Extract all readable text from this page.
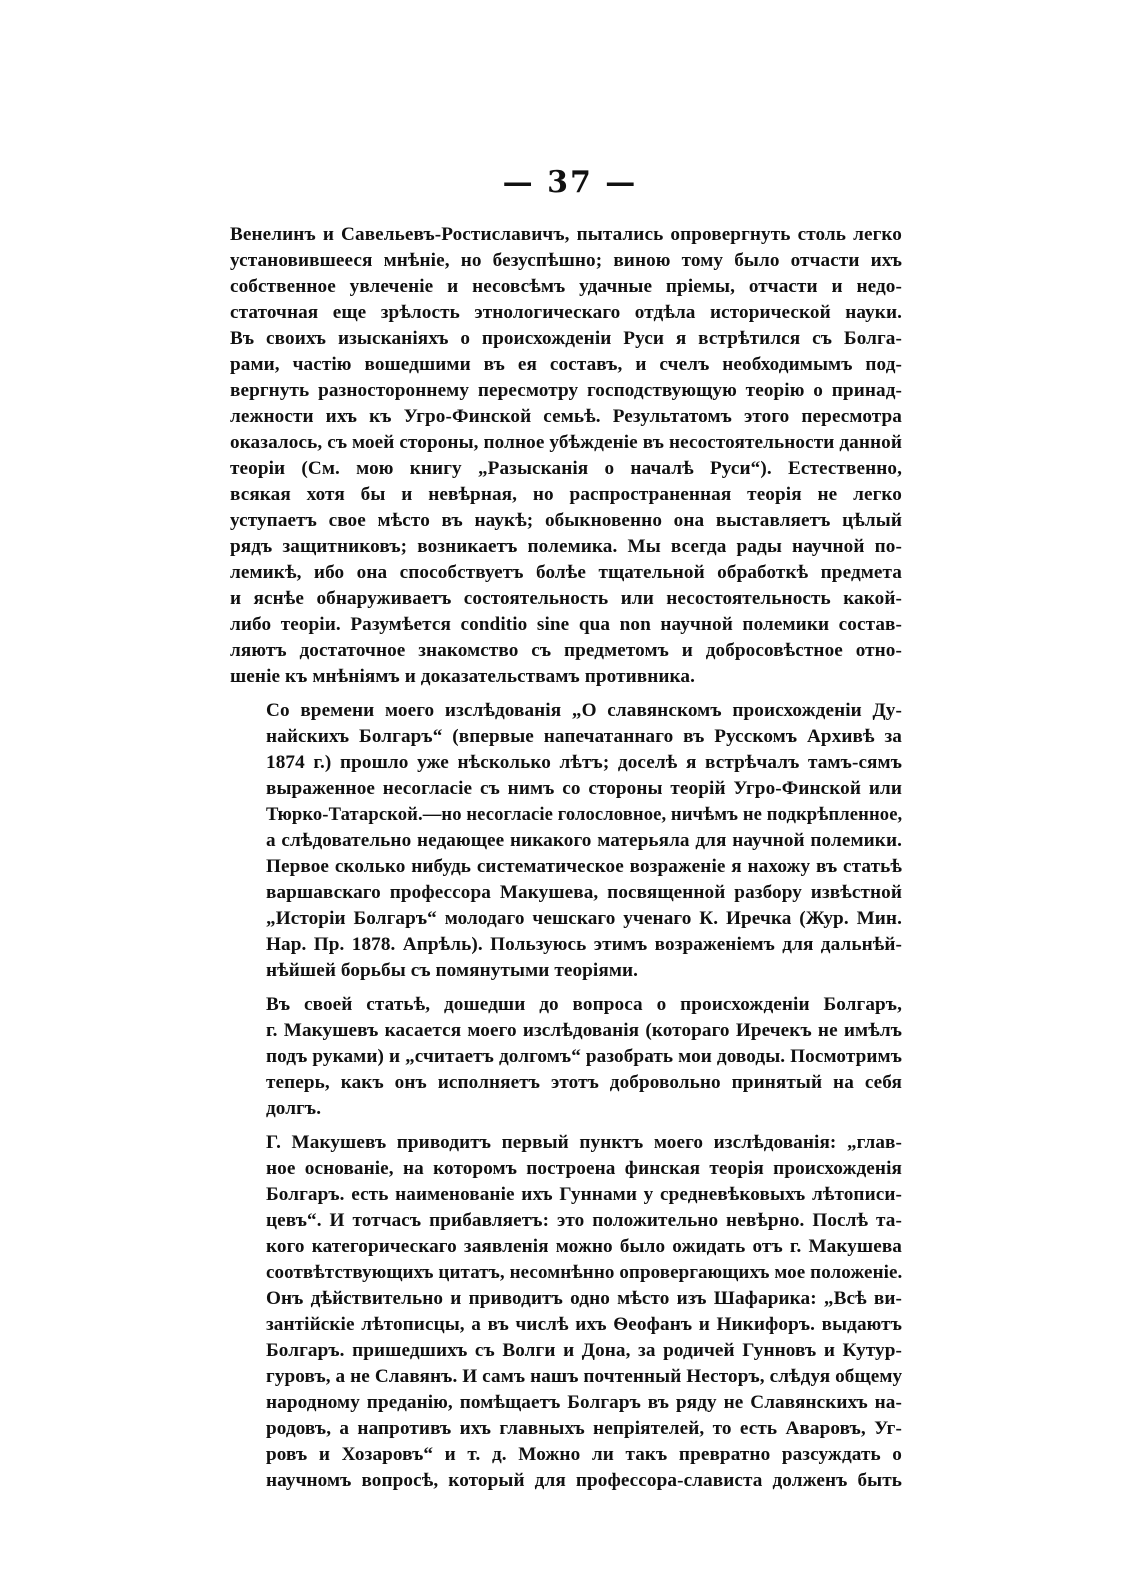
— 37 —
Венелинъ и Савельевъ-Ростиславичъ, пытались опровергнуть столь легко
установившееся мнѣніе, но безуспѣшно; виною тому было отчасти ихъ
собственное увлеченіе и несовсѣмъ удачные пріемы, отчасти и недо-
статочная еще зрѣлость этнологическаго отдѣла исторической науки.
Въ своихъ изысканіяхъ о происхожденіи Руси я встрѣтился съ Болга-
рами, частію вошедшими въ ея составъ, и счелъ необходимымъ под-
вергнуть разностороннему пересмотру господствующую теорію о принад-
лежности ихъ къ Угро-Финской семьѣ. Результатомъ этого пересмотра
оказалось, съ моей стороны, полное убѣжденіе въ несостоятельности данной
теоріи (См. мою книгу „Разысканія о началѣ Руси“). Естественно,
всякая хотя бы и невѣрная, но распространенная теорія не легко
уступаетъ свое мѣсто въ наукѣ; обыкновенно она выставляетъ цѣлый
рядъ защитниковъ; возникаетъ полемика. Мы всегда рады научной по-
лемикѣ, ибо она способствуетъ болѣе тщательной обработкѣ предмета
и яснѣе обнаруживаетъ состоятельность или несостоятельность какой-
либо теоріи. Разумѣется conditio sine qua non научной полемики состав-
ляютъ достаточное знакомство съ предметомъ и добросовѣстное отно-
шеніе къ мнѣніямъ и доказательствамъ противника.
Со времени моего изслѣдованія „О славянскомъ происхожденіи Ду-
найскихъ Болгаръ“ (впервые напечатаннаго въ Русскомъ Архивѣ за
1874 г.) прошло уже нѣсколько лѣтъ; доселѣ я встрѣчалъ тамъ-сямъ
выраженное несогласіе съ нимъ со стороны теорій Угро-Финской или
Тюрко-Татарской.—но несогласіе голословное, ничѣмъ не подкрѣпленное,
а слѣдовательно недающее никакого матерьяла для научной полемики.
Первое сколько нибудь систематическое возраженіе я нахожу въ статьѣ
варшавскаго профессора Макушева, посвященной разбору извѣстной
„Исторіи Болгаръ“ молодаго чешскаго ученаго К. Иречка (Жур. Мин.
Нар. Пр. 1878. Апрѣль). Пользуюсь этимъ возраженіемъ для дальнѣй-
нѣйшей борьбы съ помянутыми теоріями.
Въ своей статьѣ, дошедши до вопроса о происхожденіи Болгаръ,
г. Макушевъ касается моего изслѣдованія (котораго Иречекъ не имѣлъ
подъ руками) и „считаетъ долгомъ“ разобрать мои доводы. Посмотримъ
теперь, какъ онъ исполняетъ этотъ добровольно принятый на себя
долгъ.
Г. Макушевъ приводитъ первый пунктъ моего изслѣдованія: „глав-
ное основаніе, на которомъ построена финская теорія происхожденія
Болгаръ. есть наименованіе ихъ Гуннами у средневѣковыхъ лѣтописи-
цевъ“. И тотчасъ прибавляетъ: это положительно невѣрно. Послѣ та-
кого категорическаго заявленія можно было ожидать отъ г. Макушева
соотвѣтствующихъ цитатъ, несомнѣнно опровергающихъ мое положеніе.
Онъ дѣйствительно и приводитъ одно мѣсто изъ Шафарика: „Всѣ ви-
зантійскіе лѣтописцы, а въ числѣ ихъ Ѳеофанъ и Никифоръ. выдаютъ
Болгаръ. пришедшихъ съ Волги и Дона, за родичей Гунновъ и Кутур-
гуровъ, а не Славянъ. И самъ нашъ почтенный Несторъ, слѣдуя общему
народному преданію, помѣщаетъ Болгаръ въ ряду не Славянскихъ на-
родовъ, а напротивъ ихъ главныхъ непріятелей, то есть Аваровъ, Уг-
ровъ и Хозаровъ“ и т. д. Можно ли такъ превратно разсуждать о
научномъ вопросѣ, который для профессора-слависта долженъ быть
